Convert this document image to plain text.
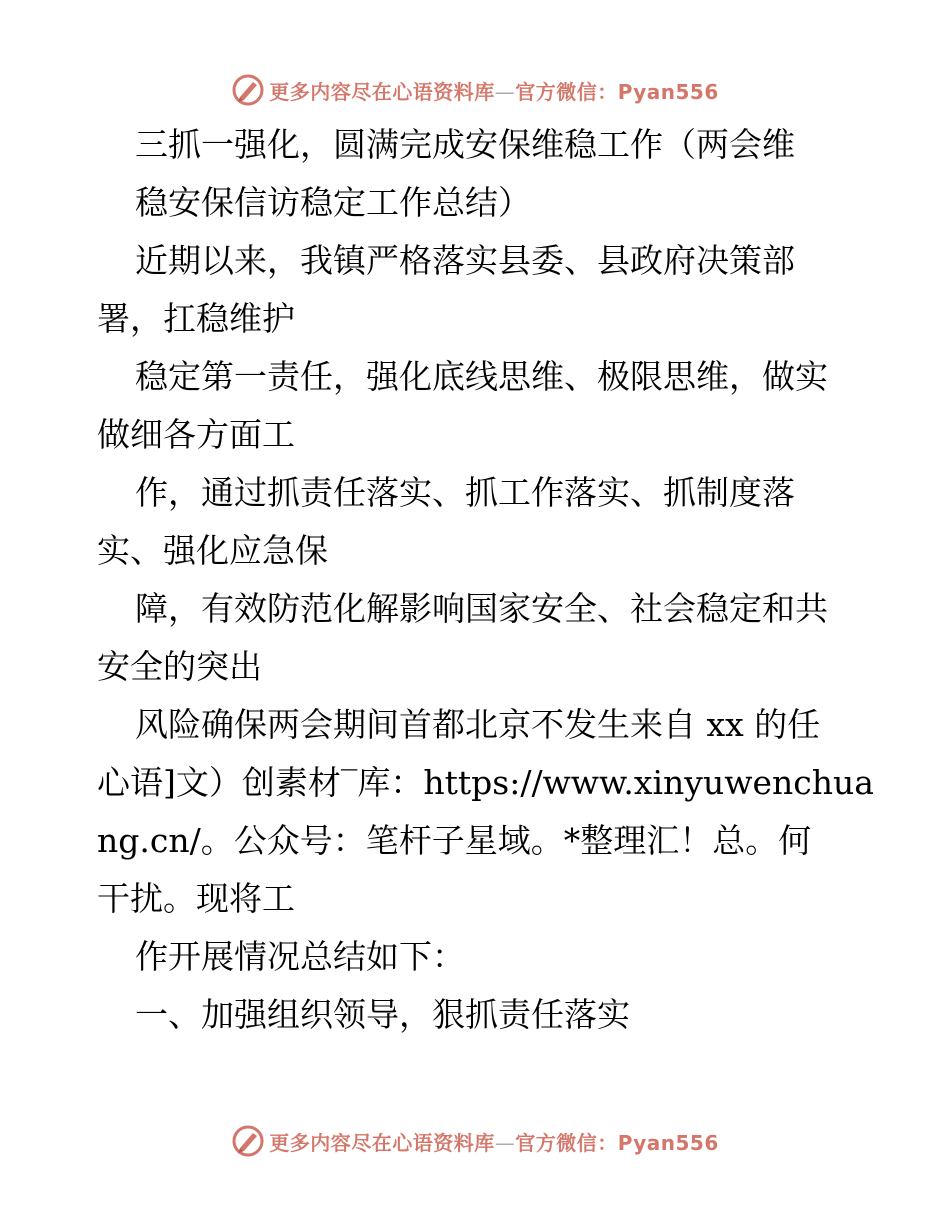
更多内容尽在心语资料库—官方微信：Pyan556
三抓一强化，圆满完成安保维稳工作（两会维
稳安保信访稳定工作总结）
近期以来，我镇严格落实县委、县政府决策部
署，扛稳维护
稳定第一责任，强化底线思维、极限思维，做实
做细各方面工
作，通过抓责任落实、抓工作落实、抓制度落
实、强化应急保
障，有效防范化解影响国家安全、社会稳定和共
安全的突出
风险确保两会期间首都北京不发生来自 xx 的任
心语]文）创素材‾库：https://www.xinyuwenchua
ng.cn/。公众号：笔杆子星域。*整理汇！总。何
干扰。现将工
作开展情况总结如下：
一、加强组织领导，狠抓责任落实
更多内容尽在心语资料库—官方微信：Pyan556
